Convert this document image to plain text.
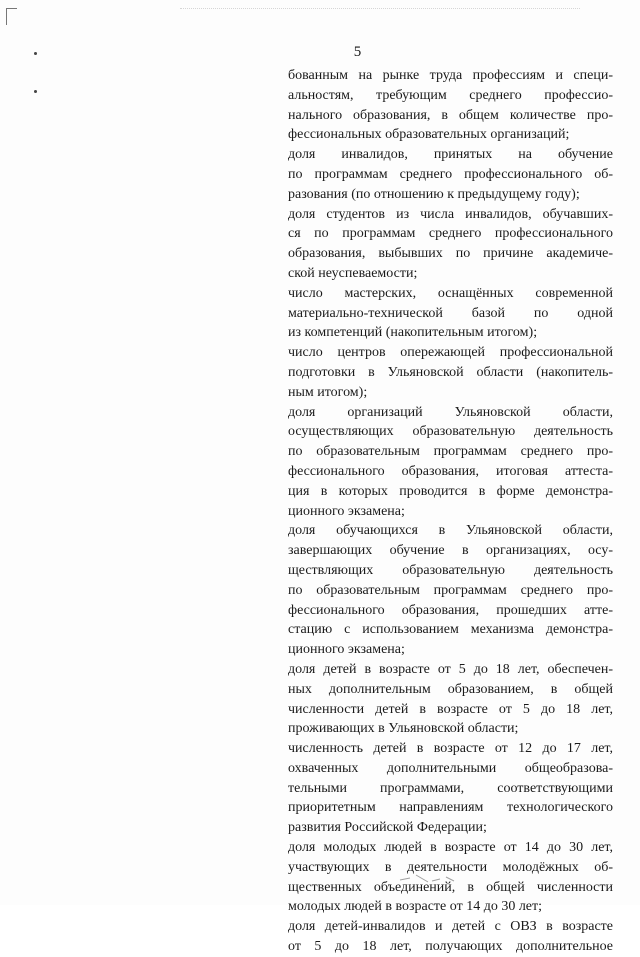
5
бованным на рынке труда профессиям и специ-
альностям, требующим среднего профессио-
нального образования, в общем количестве про-
фессиональных образовательных организаций;
доля инвалидов, принятых на обучение
по программам среднего профессионального об-
разования (по отношению к предыдущему году);
доля студентов из числа инвалидов, обучавших-
ся по программам среднего профессионального
образования, выбывших по причине академиче-
ской неуспеваемости;
число мастерских, оснащённых современной
материально-технической базой по одной
из компетенций (накопительным итогом);
число центров опережающей профессиональной
подготовки в Ульяновской области (накопитель-
ным итогом);
доля организаций Ульяновской области,
осуществляющих образовательную деятельность
по образовательным программам среднего про-
фессионального образования, итоговая аттеста-
ция в которых проводится в форме демонстра-
ционного экзамена;
доля обучающихся в Ульяновской области,
завершающих обучение в организациях, осу-
ществляющих образовательную деятельность
по образовательным программам среднего про-
фессионального образования, прошедших атте-
стацию с использованием механизма демонстра-
ционного экзамена;
доля детей в возрасте от 5 до 18 лет, обеспечен-
ных дополнительным образованием, в общей
численности детей в возрасте от 5 до 18 лет,
проживающих в Ульяновской области;
численность детей в возрасте от 12 до 17 лет,
охваченных дополнительными общеобразова-
тельными программами, соответствующими
приоритетным направлениям технологического
развития Российской Федерации;
доля молодых людей в возрасте от 14 до 30 лет,
участвующих в деятельности молодёжных об-
щественных объединений, в общей численности
молодых людей в возрасте от 14 до 30 лет;
доля детей-инвалидов и детей с ОВЗ в возрасте
от 5 до 18 лет, получающих дополнительное
